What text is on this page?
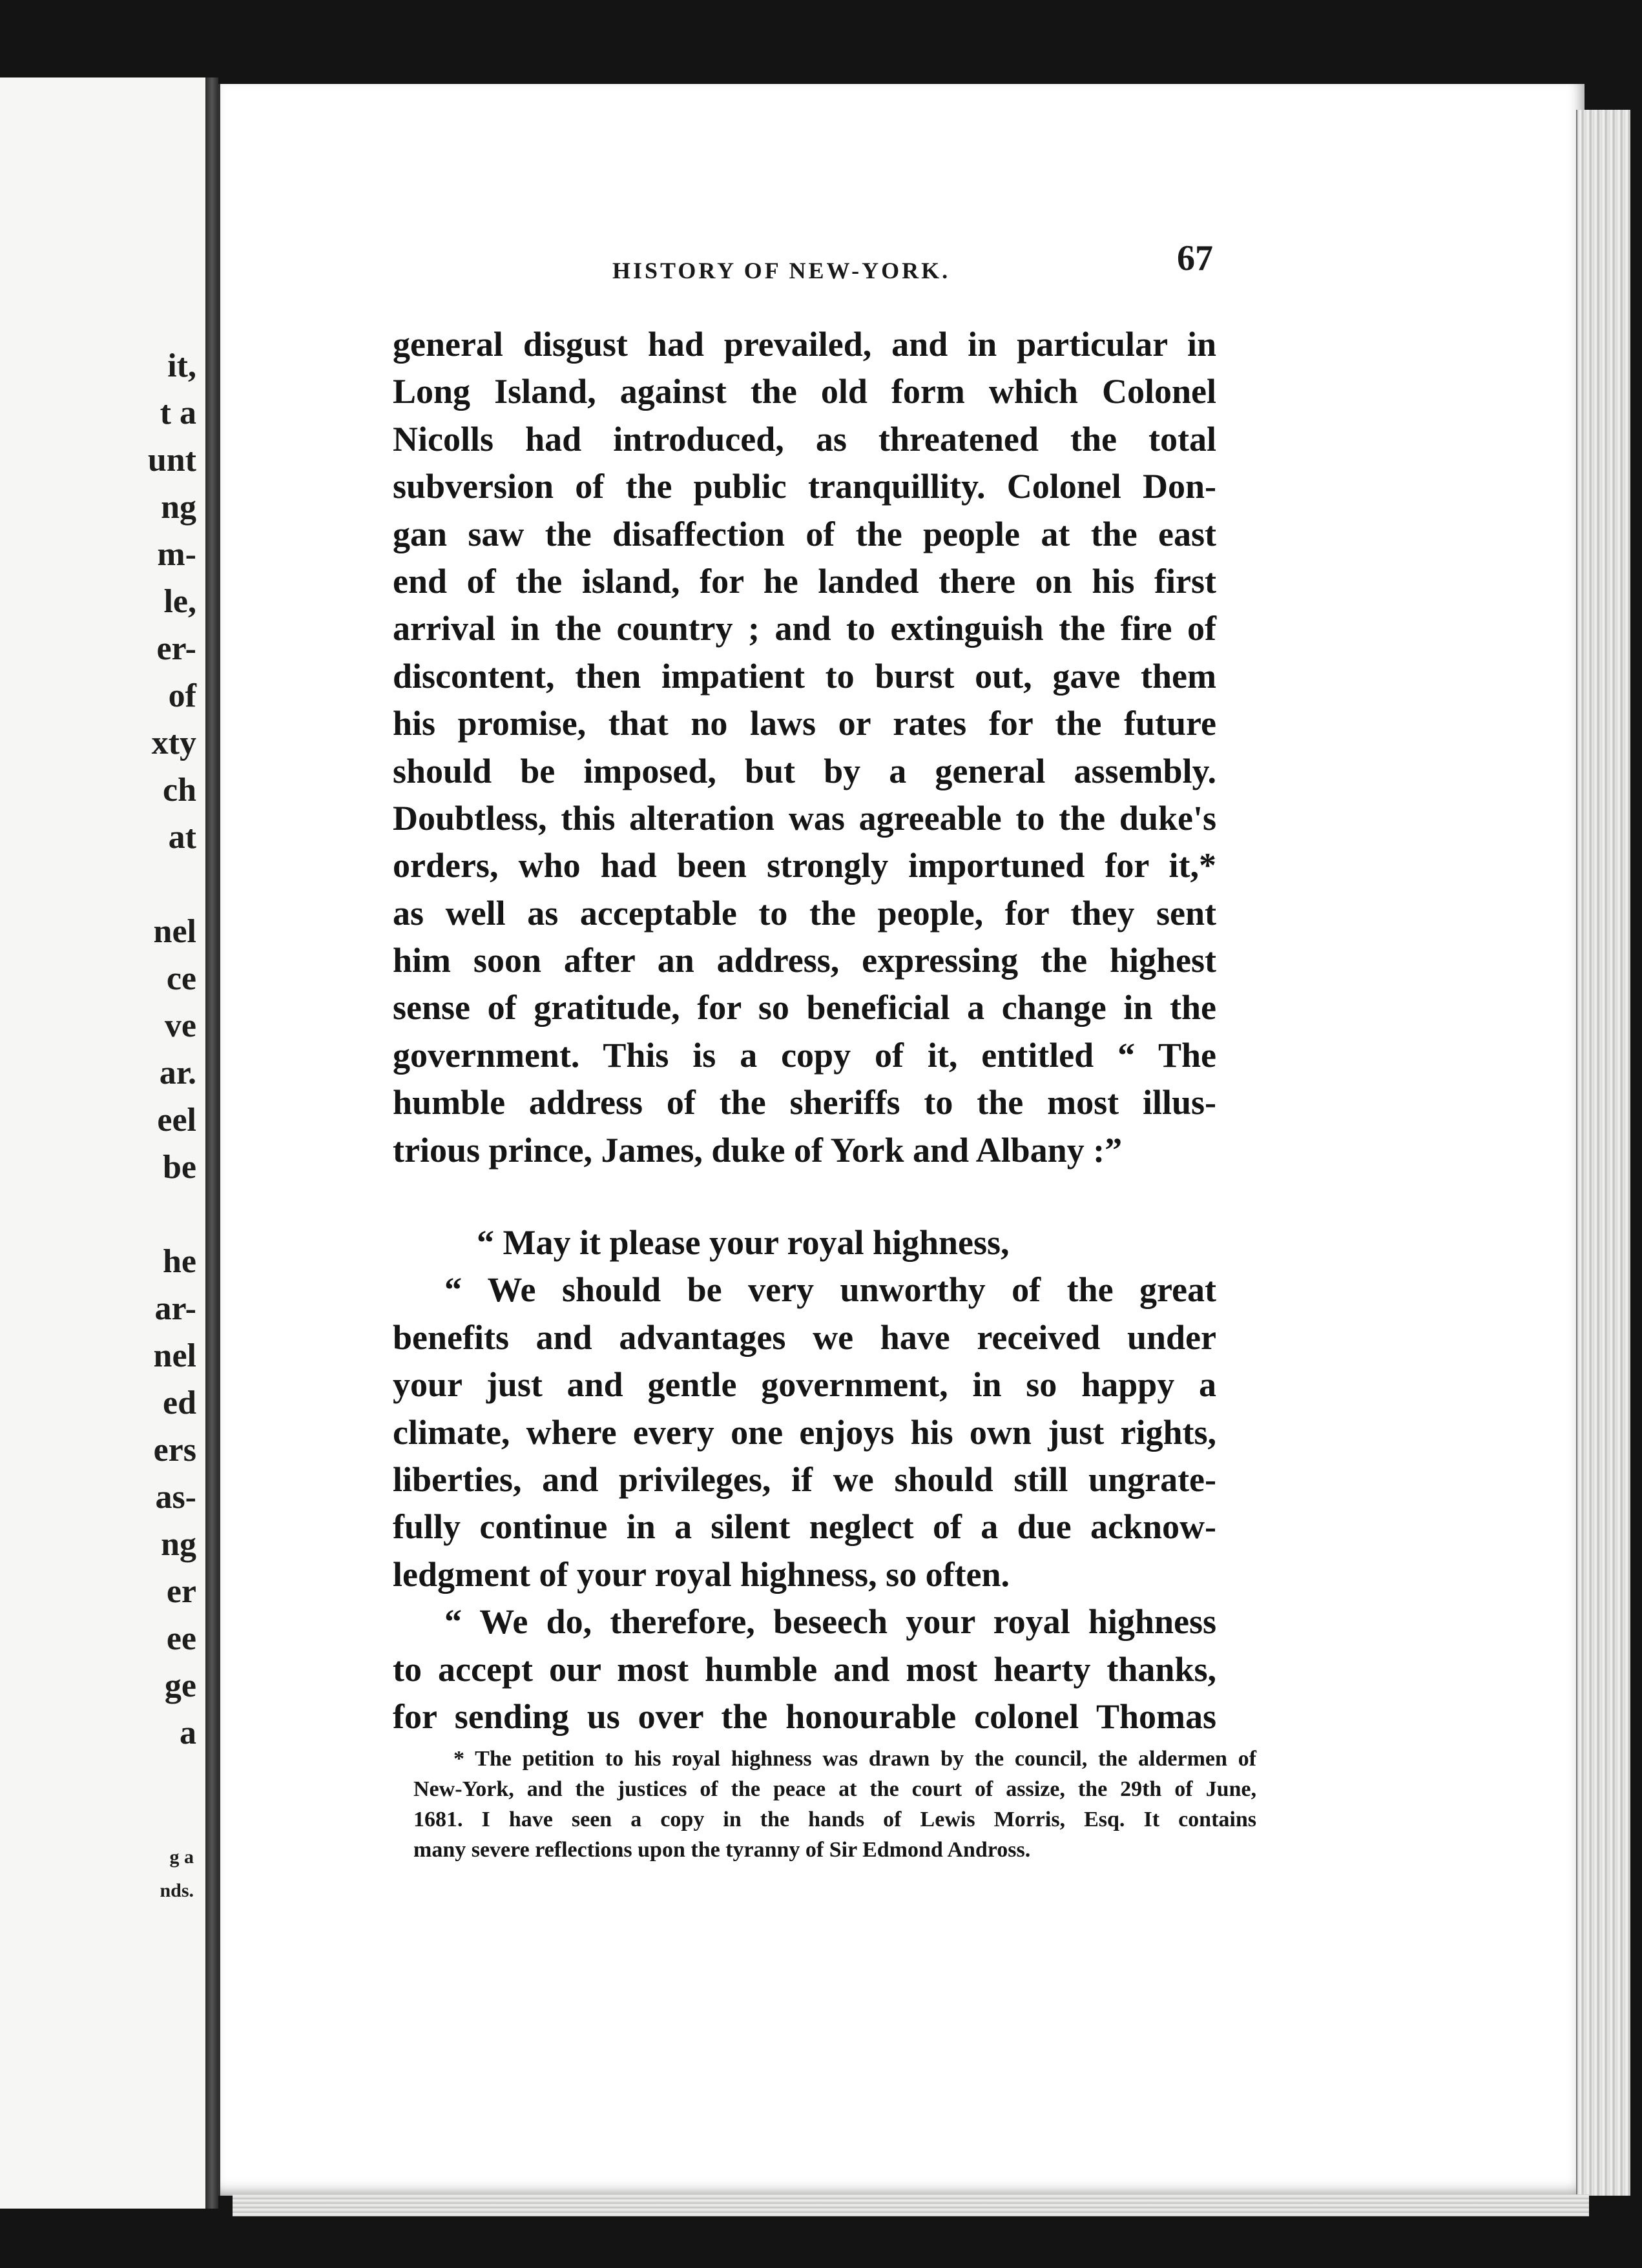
it,
t a
unt
ng
m-
le,
er-
of
xty
ch
at
nel
ce
ve
ar.
eel
be
he
ar-
nel
ed
ers
as-
ng
er
ee
ge
a
g a
nds.
HISTORY OF NEW-YORK.	67
general disgust had prevailed, and in particular in
Long Island, against the old form which Colonel
Nicolls had introduced, as threatened the total
subversion of the public tranquillity. Colonel Don-
gan saw the disaffection of the people at the east
end of the island, for he landed there on his first
arrival in the country ; and to extinguish the fire of
discontent, then impatient to burst out, gave them
his promise, that no laws or rates for the future
should be imposed, but by a general assembly.
Doubtless, this alteration was agreeable to the duke's
orders, who had been strongly importuned for it,*
as well as acceptable to the people, for they sent
him soon after an address, expressing the highest
sense of gratitude, for so beneficial a change in the
government. This is a copy of it, entitled “ The
humble address of the sheriffs to the most illus-
trious prince, James, duke of York and Albany :”
“ May it please your royal highness,
“ We should be very unworthy of the great
benefits and advantages we have received under
your just and gentle government, in so happy a
climate, where every one enjoys his own just rights,
liberties, and privileges, if we should still ungrate-
fully continue in a silent neglect of a due acknow-
ledgment of your royal highness, so often.
“ We do, therefore, beseech your royal highness
to accept our most humble and most hearty thanks,
for sending us over the honourable colonel Thomas
* The petition to his royal highness was drawn by the council, the aldermen of
New-York, and the justices of the peace at the court of assize, the 29th of June,
1681. I have seen a copy in the hands of Lewis Morris, Esq. It contains
many severe reflections upon the tyranny of Sir Edmond Andross.
